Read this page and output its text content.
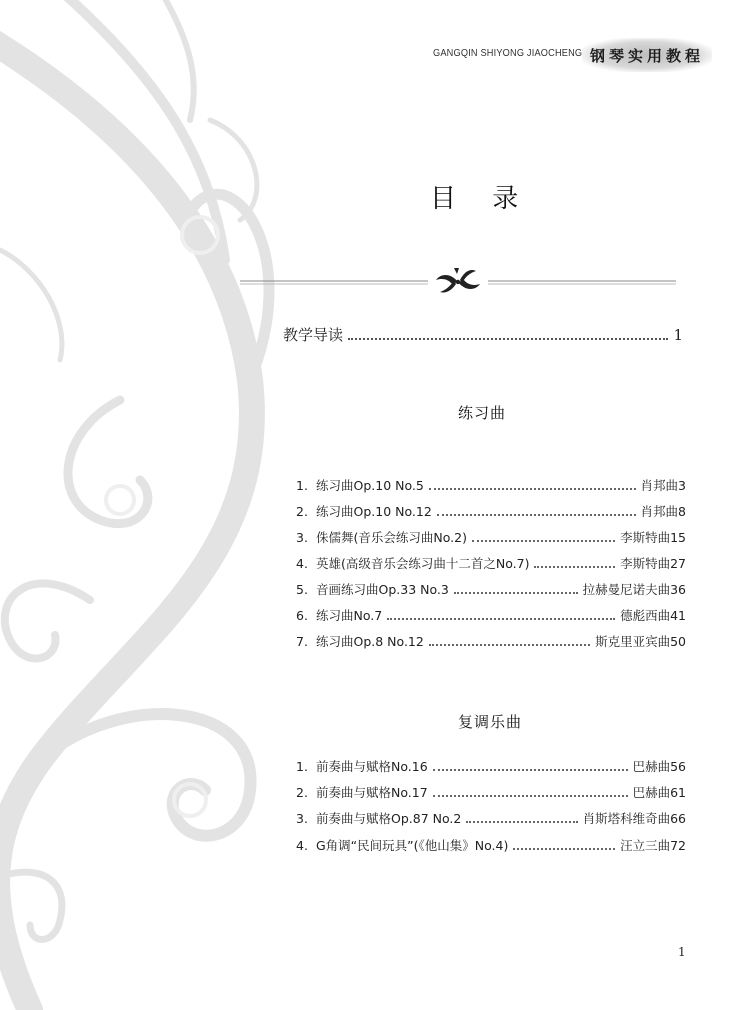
GANGQIN SHIYONG JIAOCHENG 钢琴实用教程
目 录
教学导读	1
练习曲
1. 练习曲Op.10 No.5	肖邦曲3
2. 练习曲Op.10 No.12	肖邦曲8
3. 侏儒舞(音乐会练习曲No.2)	李斯特曲15
4. 英雄(高级音乐会练习曲十二首之No.7)	李斯特曲27
5. 音画练习曲Op.33 No.3	拉赫曼尼诺夫曲36
6. 练习曲No.7	德彪西曲41
7. 练习曲Op.8 No.12	斯克里亚宾曲50
复调乐曲
1. 前奏曲与赋格No.16	巴赫曲56
2. 前奏曲与赋格No.17	巴赫曲61
3. 前奏曲与赋格Op.87 No.2	肖斯塔科维奇曲66
4. G角调“民间玩具”(《他山集》No.4)	汪立三曲72
1
